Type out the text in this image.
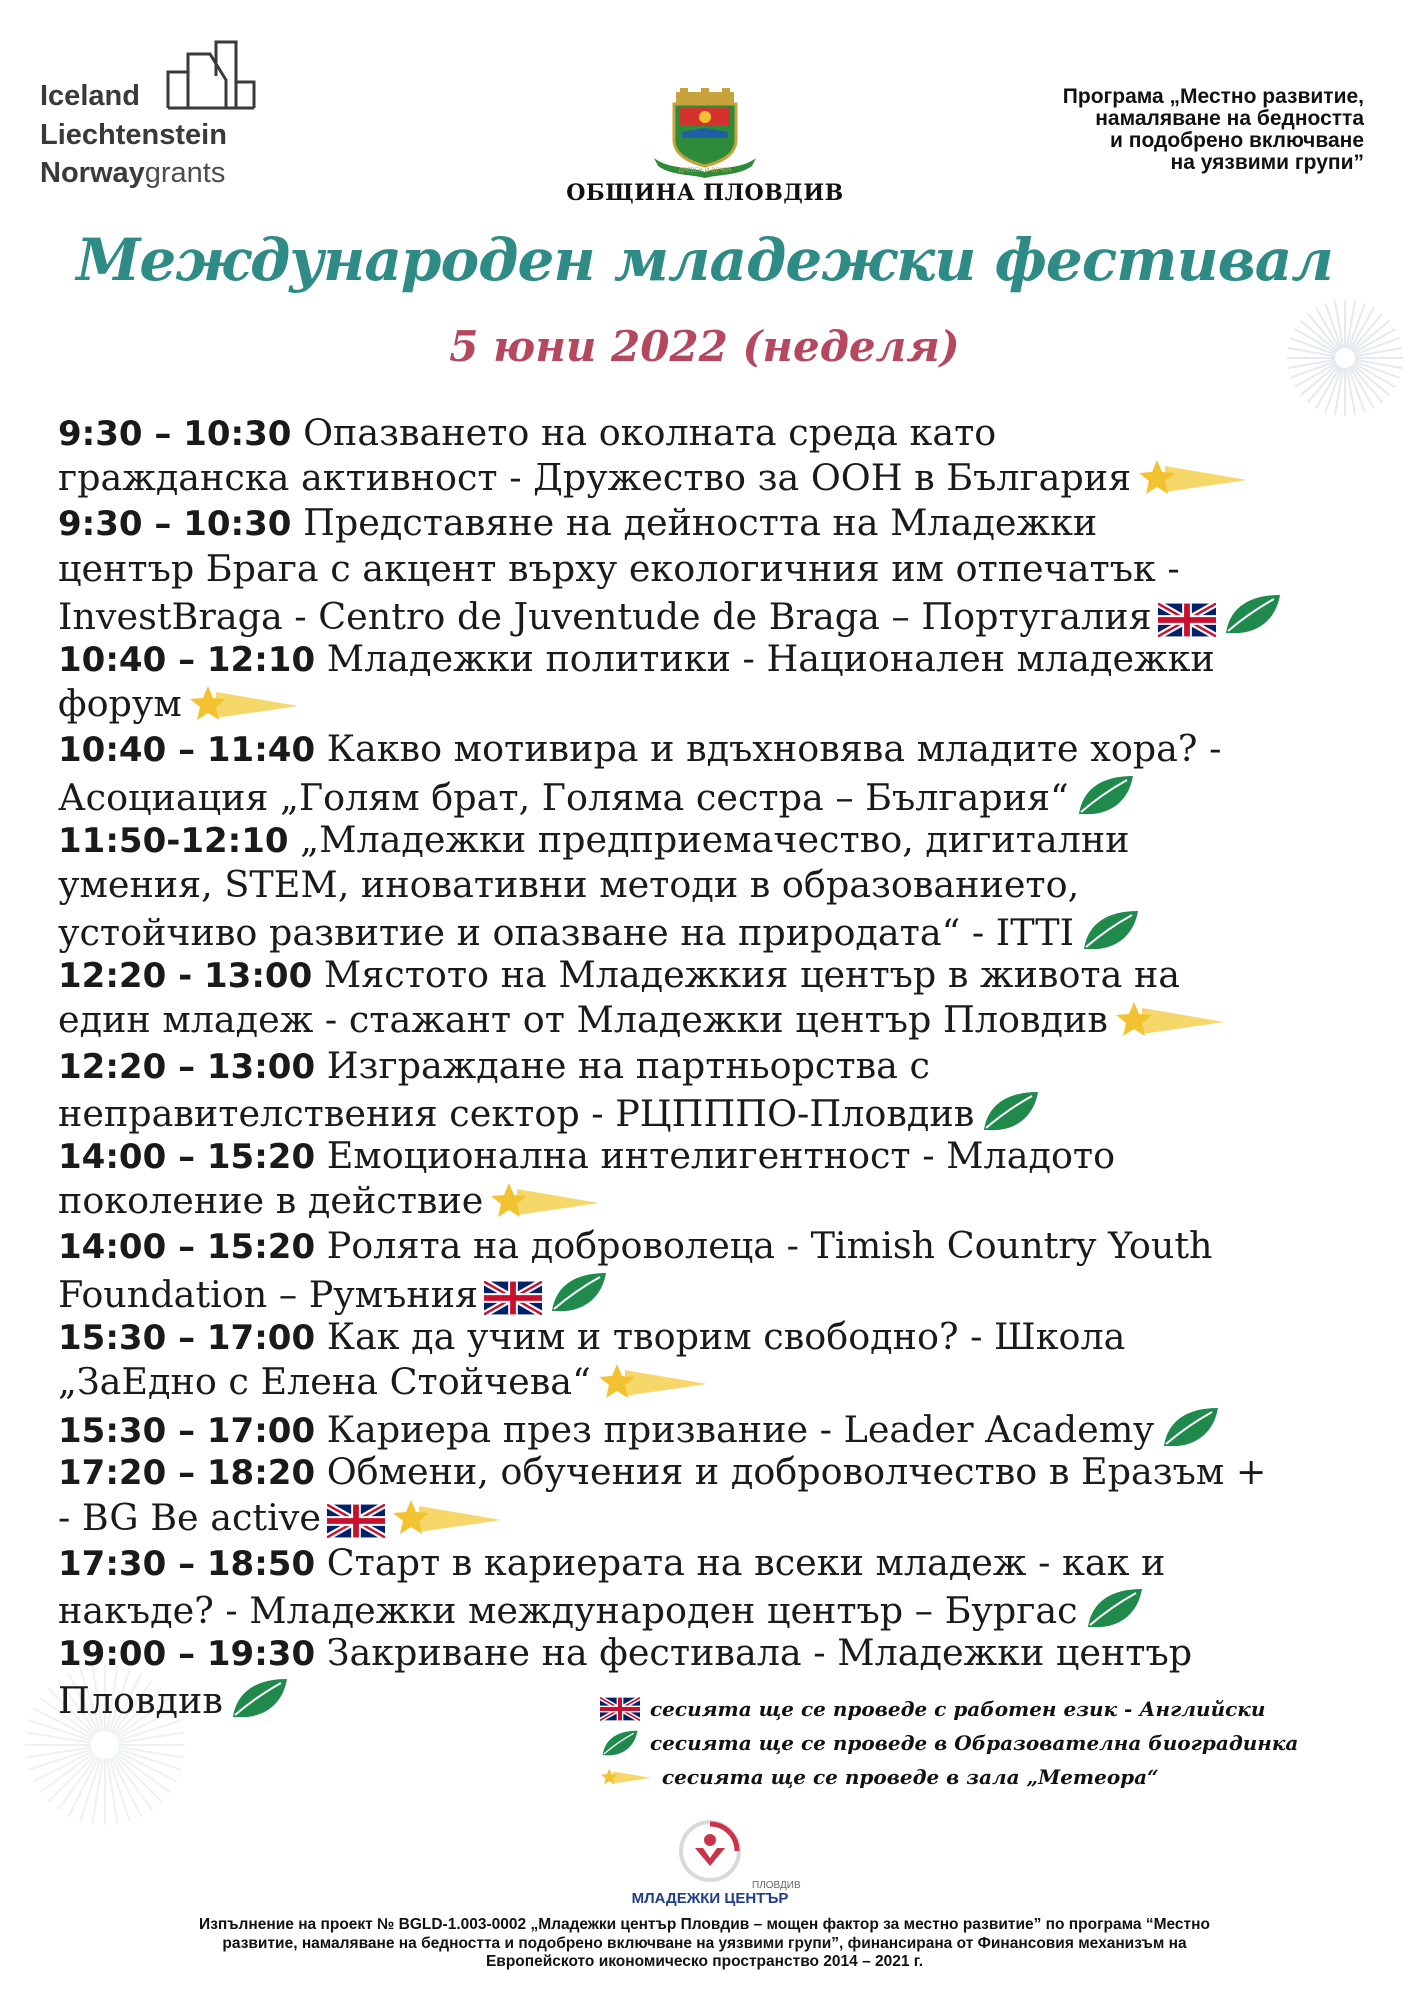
Iceland
Liechtenstein
Norwaygrants	ДРЕВЕН И ВЕЧЕН
ОБЩИНА ПЛОВДИВ
Програма „Местно развитие,
намаляване на бедността
и подобрено включване
на уязвими групи”
Международен младежки фестивал
5 юни 2022 (неделя)
9:30 – 10:30 Опазването на околната среда като
гражданска активност - Дружество за ООН в България
9:30 – 10:30 Представяне на дейността на Младежки
център Брага с акцент върху екологичния им отпечатък -
InvestBraga - Centro de Juventude de Braga – Португалия
10:40 – 12:10 Младежки политики - Национален младежки
форум
10:40 – 11:40 Какво мотивира и вдъхновява младите хора? -
Асоциация „Голям брат, Голяма сестра – България“
11:50-12:10 „Младежки предприемачество, дигитални
умения, STEM, иновативни методи в образованието,
устойчиво развитие и опазване на природата“ - ITTI
12:20 - 13:00 Мястото на Младежкия център в живота на
един младеж - стажант от Младежки център Пловдив
12:20 – 13:00 Изграждане на партньорства с
неправителствения сектор - РЦПППО-Пловдив
14:00 – 15:20 Емоционална интелигентност - Младото
поколение в действие
14:00 – 15:20 Ролята на доброволеца - Timish Country Youth
Foundation – Румъния
15:30 – 17:00 Как да учим и творим свободно? - Школа
„ЗаЕдно с Елена Стойчева“
15:30 – 17:00 Кариера през призвание - Leader Academy
17:20 – 18:20 Обмени, обучения и доброволчество в Еразъм +
- BG Be active
17:30 – 18:50 Старт в кариерата на всеки младеж - как и
накъде? - Младежки международен център – Бургас
19:00 – 19:30 Закриване на фестивала - Младежки център
Пловдив	сесията ще се проведе с работен език - Английски
сесията ще се проведе в Образователна биоградинка
сесията ще се проведе в зала „Метеора“
ПЛОВДИВ
МЛАДЕЖКИ ЦЕНТЪР
Изпълнение на проект № BGLD-1.003-0002 „Младежки център Пловдив – мощен фактор за местно развитие” по програма “Местно
развитие, намаляване на бедността и подобрено включване на уязвими групи”, финансирана от Финансовия механизъм на
Европейското икономическо пространство 2014 – 2021 г.
